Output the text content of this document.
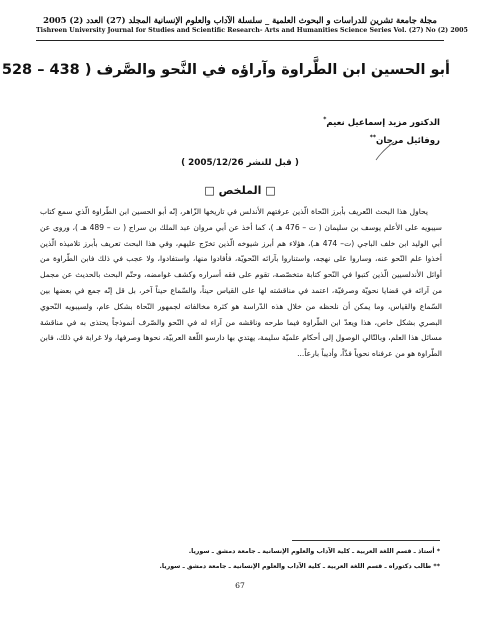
مجلة جامعة تشرين للدراسات و البحوث العلمية _ سلسلة الآداب والعلوم الإنسانية المجلد (27) العدد (2) 2005
Tishreen University Journal for Studies and Scientific Research- Arts and Humanities Science Series Vol. (27) No (2) 2005
أبو الحسين ابن الطَّراوة وآراؤه في النَّحو والصَّرف ( 438 – 528
الدكتور مزيد إسماعيل نعيم*
روفائيل مرجان**
( قبل للنشر 2005/12/26 )
□ الملخص □

يحاول هذا البحث التّعريف بأبرز النّحاة الّذين عرفتهم الأندلس في تاريخها الزّاهر، إنّه أبو الحسين ابن الطّراوة الّذي سمع كتاب سيبويه على الأعلم يوسف بن سليمان ( ت – 476 هـ )، كما أخذ عن أبي مروان عبد الملك بن سراج ( ت – 489 هـ )، وروى عن أبي الوليد ابن خلف الباجي (ت– 474 هـ)، هؤلاء هم أبرز شيوخه الّذين تخرّج عليهم، وفي هذا البحث تعريف بأبرز تلاميذه الّذين أخذوا علم النّحو عنه، وساروا على نهجه، واستناروا بآرائه النّحويّة، فأفادوا منها، واستفادوا، ولا عجب في ذلك فابن الطّراوة من أوائل الأندلسيين الّذين كتبوا في النّحو كتابة متخصّصة، تقوم على فقه أسراره وكشف غوامضه، وحتّم البحث بالحديث عن مجمل من آرائه في قضايا نحويّة وصرفيّة، اعتمد في مناقشته لها على القياس حيناً، والسّماع حيناً آخر، بل قل إنّه جمع في بعضها بين السّماع والقياس، وما يمكن أن نلحظه من خلال هذه الدّراسة هو كثرة مخالفاته لجمهور النّحاة بشكل عام، ولسيبويه النّحوي البصري بشكل خاص، هذا ويعدّ ابن الطّراوة فيما طرحه وناقشه من آراء له في النّحو والصّرف أنموذجاً يحتذى به في مناقشة مسائل هذا العلم، وبالتّالي الوصول إلى أحكام علميّة سليمة، يهتدي بها دارسو اللّغة العربيّة، نحوها وصرفها، ولا غرابة في ذلك، فابن الطّراوة هو من عرفناه نحوياً فذّاً، وأديباً بارعاً...

* أستاذ ـ قسم اللغة العربية ـ كلية الآداب والعلوم الإنسانية ـ جامعة دمشق ـ سوريا.
** طالب دكتوراه ـ قسم اللغة العربية ـ كلية الآداب والعلوم الإنسانية ـ جامعة دمشق ـ سوريا.
67
